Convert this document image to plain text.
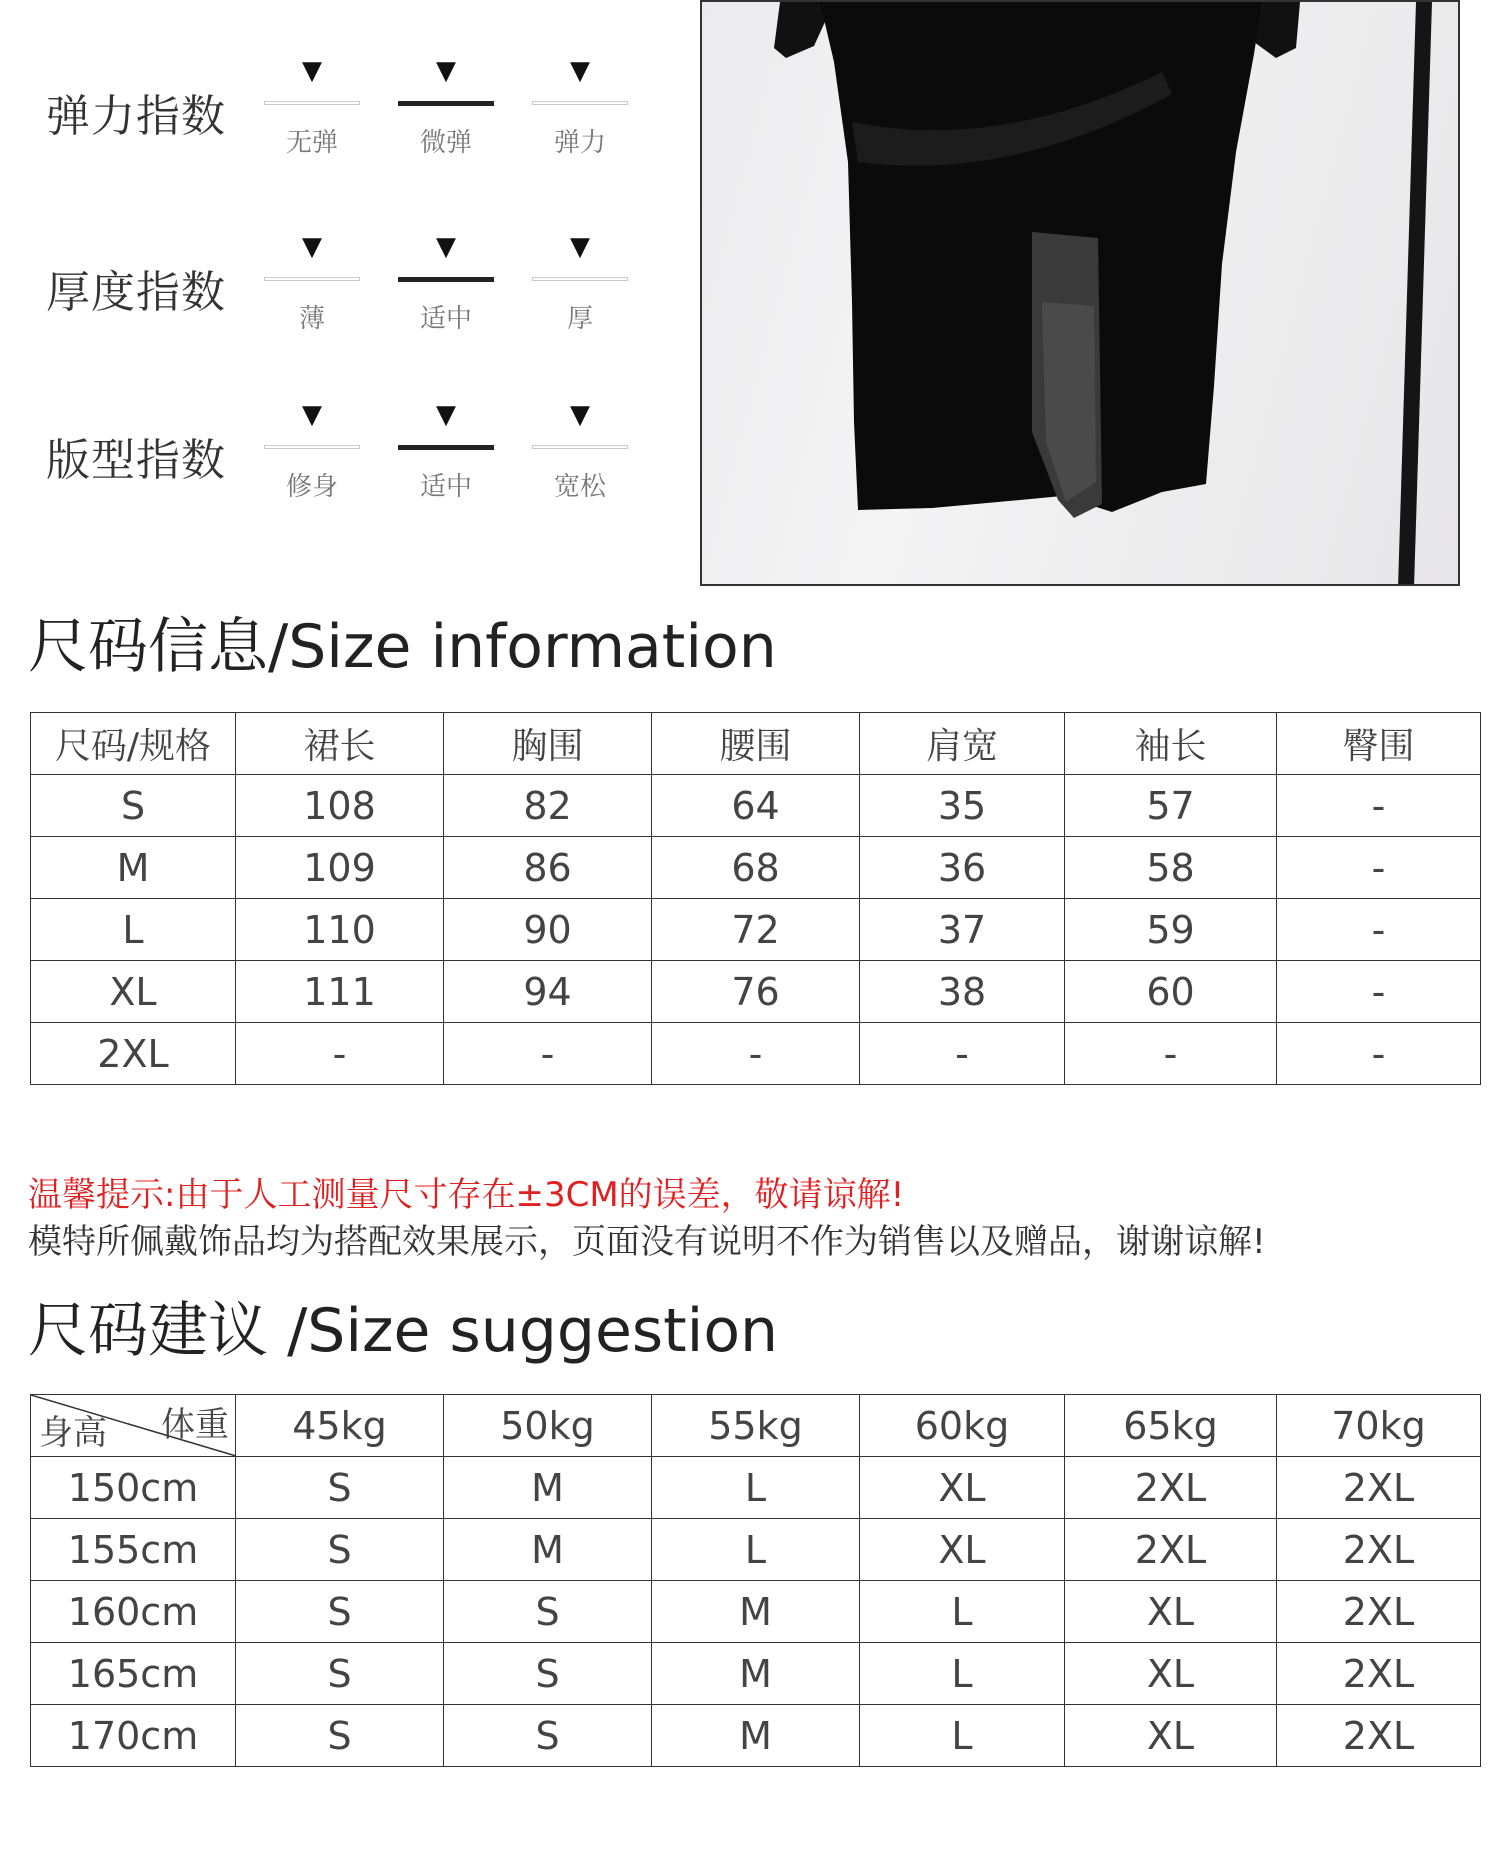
弹力指数
▼
无弹
▼
微弹
▼
弹力
厚度指数
▼
薄
▼
适中
▼
厚
版型指数
▼
修身
▼
适中
▼
宽松
尺码信息/Size information
尺码/规格	裙长	胸围	腰围	肩宽	袖长	臀围
S	108	82	64	35	57	-
M	109	86	68	36	58	-
L	110	90	72	37	59	-
XL	111	94	76	38	60	-
2XL	-	-	-	-	-	-
温馨提示:由于人工测量尺寸存在±3CM的误差，敬请谅解!
模特所佩戴饰品均为搭配效果展示，页面没有说明不作为销售以及赠品，谢谢谅解!
尺码建议 /Size suggestion
体重
身高	45kg	50kg	55kg	60kg	65kg	70kg
150cm	S	M	L	XL	2XL	2XL
155cm	S	M	L	XL	2XL	2XL
160cm	S	S	M	L	XL	2XL
165cm	S	S	M	L	XL	2XL
170cm	S	S	M	L	XL	2XL
